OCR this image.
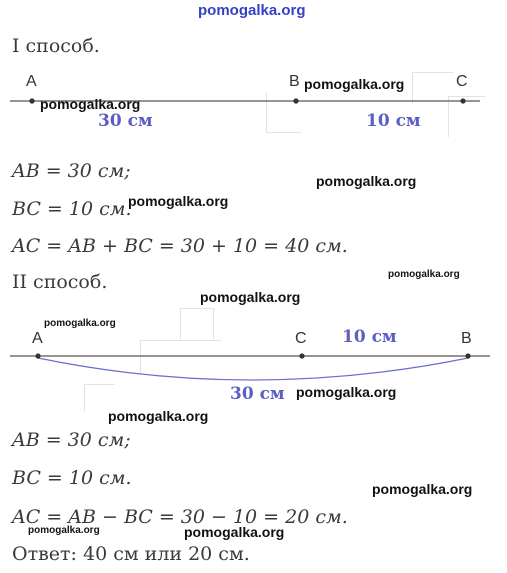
pomogalka.org
I способ.
A	B	C
30 см	10 см
pomogalka.org
pomogalka.org
AB = 30 см;
BC = 10 см.
AC = AB + BC = 30 + 10 = 40 см.
pomogalka.org
pomogalka.org
pomogalka.org
II способ.
pomogalka.org
pomogalka.org
A	C	B
10 см
30 см pomogalka.org
pomogalka.org
AB = 30 см;
BC = 10 см.
AC = AB − BC = 30 − 10 = 20 см.
pomogalka.org
pomogalka.org	pomogalka.org
Ответ: 40 см или 20 см.
